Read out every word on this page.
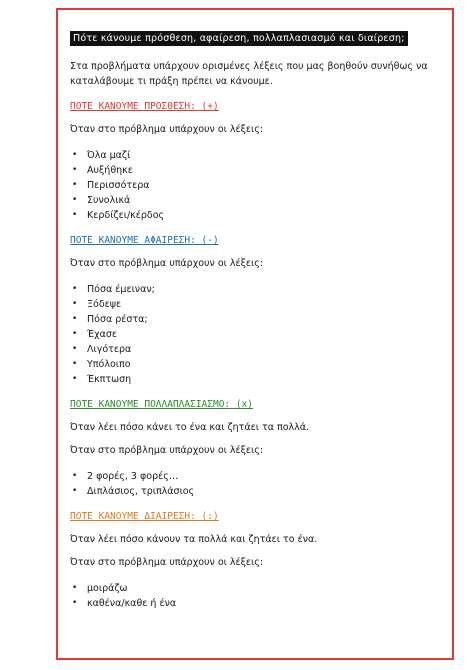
Πότε κάνουμε πρόσθεση, αφαίρεση, πολλαπλασιασμό και διαίρεση;
Στα προβλήματα υπάρχουν ορισμένες λέξεις που μας βοηθούν συνήθως να καταλάβουμε τι πράξη πρέπει να κάνουμε.
ΠΟΤΕ ΚΑΝΟΥΜΕ ΠΡΟΣΘΕΣΗ: (+)
Όταν στο πρόβλημα υπάρχουν οι λέξεις:
• Όλα μαζί
• Αυξήθηκε
• Περισσότερα
• Συνολικά
• Κερδίζει/κέρδος
ΠΟΤΕ ΚΑΝΟΥΜΕ ΑΦΑΙΡΕΣΗ: (-)
Όταν στο πρόβλημα υπάρχουν οι λέξεις:
• Πόσα έμειναν;
• Ξόδεψε
• Πόσα ρέστα;
• Έχασε
• Λιγότερα
• Υπόλοιπο
• Έκπτωση
ΠΟΤΕ ΚΑΝΟΥΜΕ ΠΟΛΛΑΠΛΑΣΙΑΣΜΟ: (x)
Όταν λέει πόσο κάνει το ένα και ζητάει τα πολλά.
Όταν στο πρόβλημα υπάρχουν οι λέξεις:
• 2 φορές, 3 φορές…
• Διπλάσιος, τριπλάσιος
ΠΟΤΕ ΚΑΝΟΥΜΕ ΔΙΑΙΡΕΣΗ: (:)
Όταν λέει πόσο κάνουν τα πολλά και ζητάει το ένα.
Όταν στο πρόβλημα υπάρχουν οι λέξεις:
• μοιράζω
• καθένα/καθε ή ένα
